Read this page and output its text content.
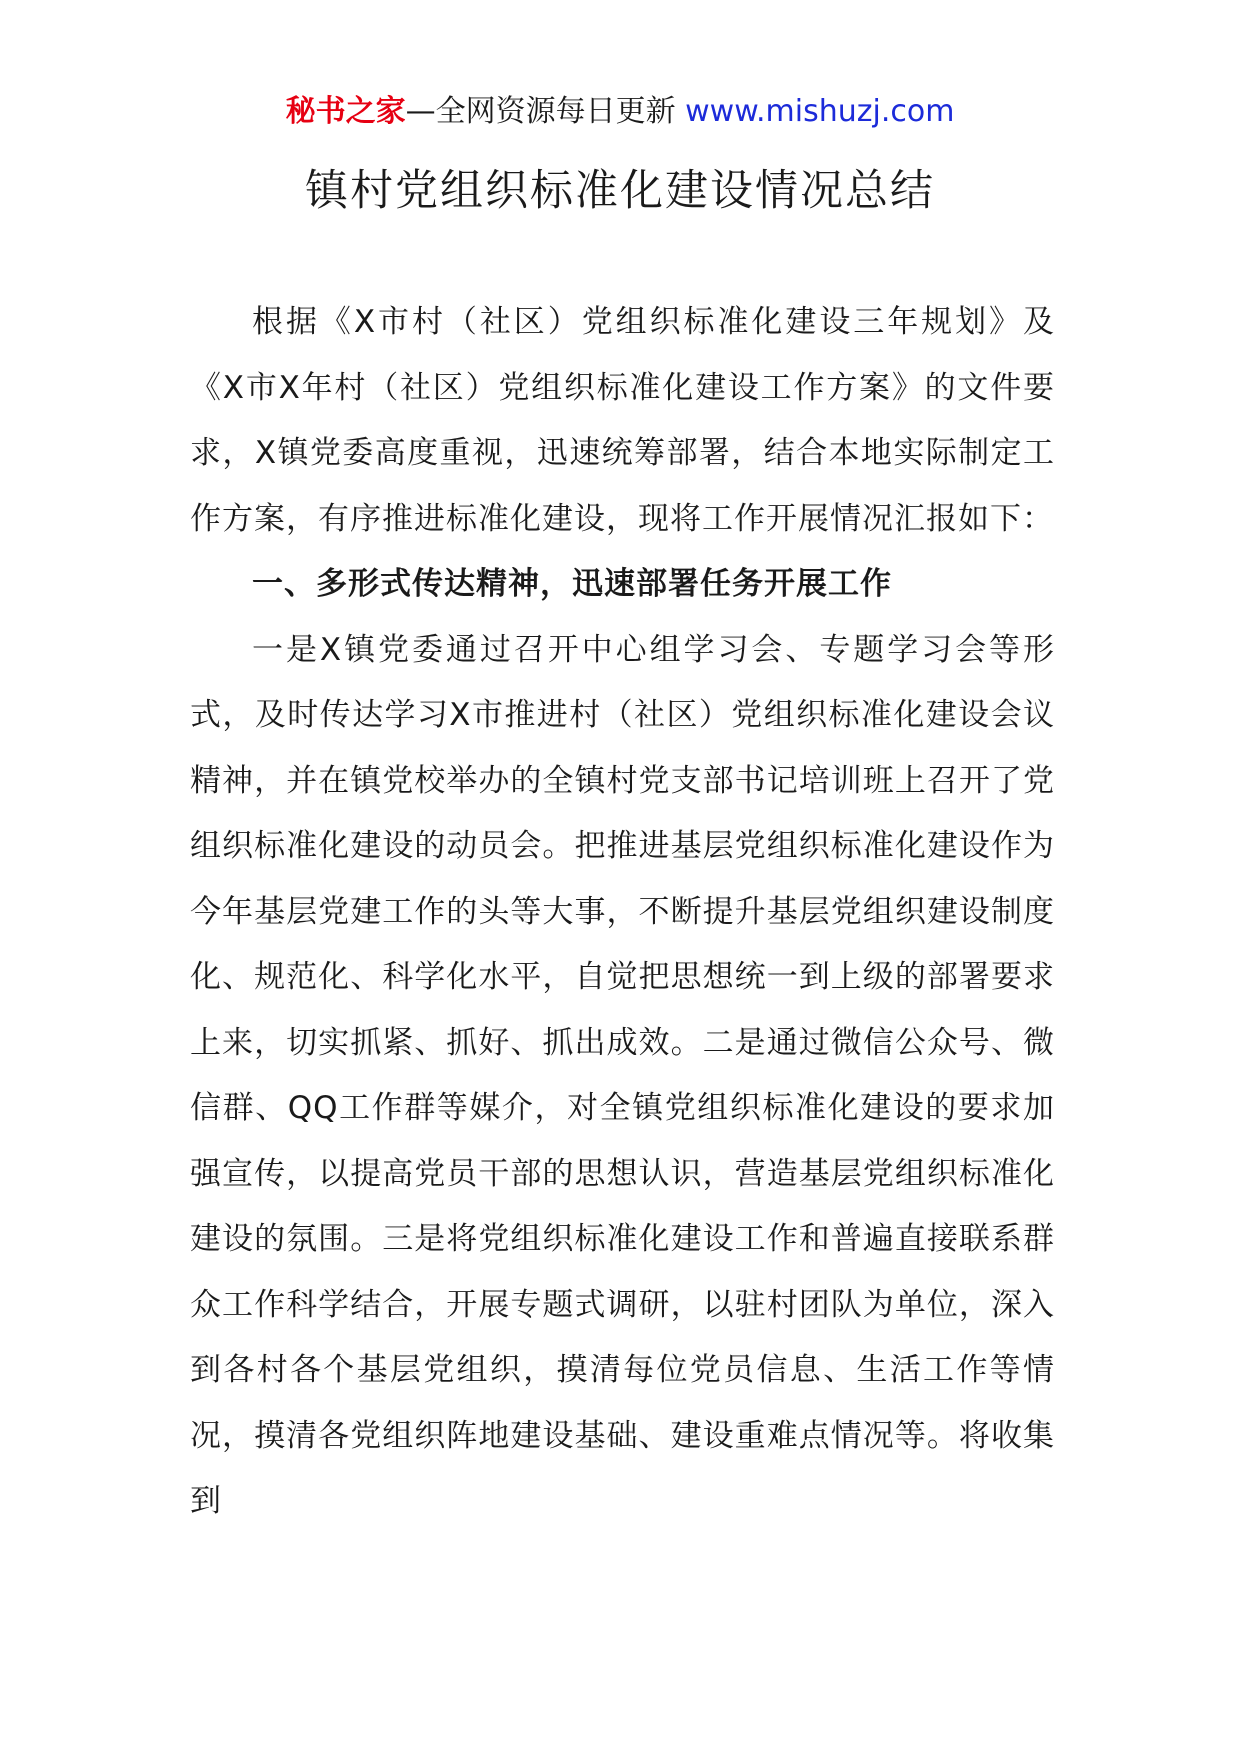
秘书之家—全网资源每日更新 www.mishuzj.com
镇村党组织标准化建设情况总结

根据《X市村（社区）党组织标准化建设三年规划》及《X市X年村（社区）党组织标准化建设工作方案》的文件要求，X镇党委高度重视，迅速统筹部署，结合本地实际制定工作方案，有序推进标准化建设，现将工作开展情况汇报如下：

一、多形式传达精神，迅速部署任务开展工作

一是X镇党委通过召开中心组学习会、专题学习会等形式，及时传达学习X市推进村（社区）党组织标准化建设会议精神，并在镇党校举办的全镇村党支部书记培训班上召开了党组织标准化建设的动员会。把推进基层党组织标准化建设作为今年基层党建工作的头等大事，不断提升基层党组织建设制度化、规范化、科学化水平，自觉把思想统一到上级的部署要求上来，切实抓紧、抓好、抓出成效。二是通过微信公众号、微信群、QQ工作群等媒介，对全镇党组织标准化建设的要求加强宣传，以提高党员干部的思想认识，营造基层党组织标准化建设的氛围。三是将党组织标准化建设工作和普遍直接联系群众工作科学结合，开展专题式调研，以驻村团队为单位，深入到各村各个基层党组织，摸清每位党员信息、生活工作等情况，摸清各党组织阵地建设基础、建设重难点情况等。将收集到
